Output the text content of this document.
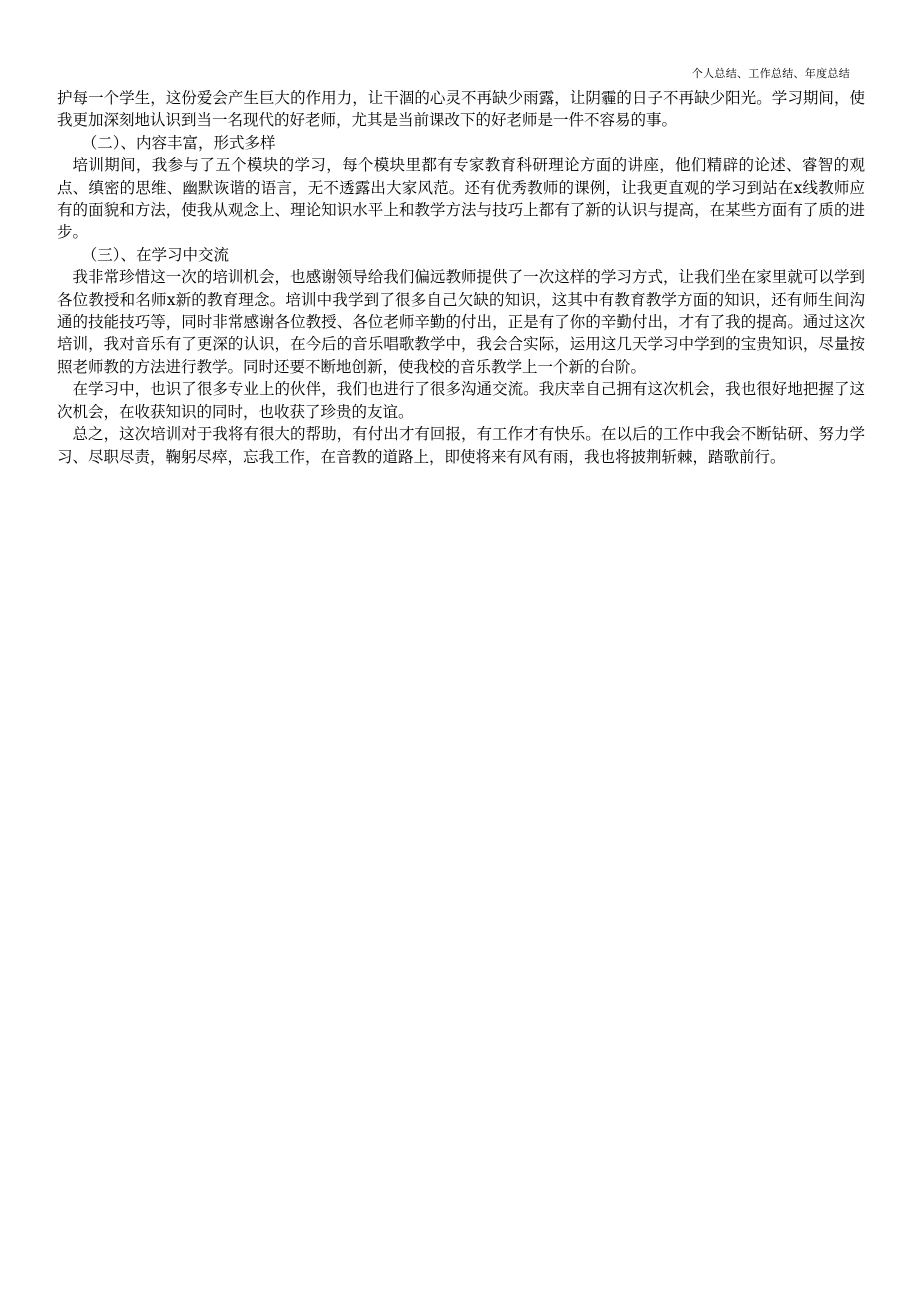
个人总结、工作总结、年度总结

护每一个学生，这份爱会产生巨大的作用力，让干涸的心灵不再缺少雨露，让阴霾的日子不再缺少阳光。学习期间，使我更加深刻地认识到当一名现代的好老师，尤其是当前课改下的好老师是一件不容易的事。

（二）、内容丰富，形式多样

培训期间，我参与了五个模块的学习，每个模块里都有专家教育科研理论方面的讲座，他们精辟的论述、睿智的观点、缜密的思维、幽默诙谐的语言，无不透露出大家风范。还有优秀教师的课例，让我更直观的学习到站在x线教师应有的面貌和方法，使我从观念上、理论知识水平上和教学方法与技巧上都有了新的认识与提高，在某些方面有了质的进步。

（三）、在学习中交流

我非常珍惜这一次的培训机会，也感谢领导给我们偏远教师提供了一次这样的学习方式，让我们坐在家里就可以学到各位教授和名师x新的教育理念。培训中我学到了很多自己欠缺的知识，这其中有教育教学方面的知识，还有师生间沟通的技能技巧等，同时非常感谢各位教授、各位老师辛勤的付出，正是有了你的辛勤付出，才有了我的提高。通过这次培训，我对音乐有了更深的认识，在今后的音乐唱歌教学中，我会合实际，运用这几天学习中学到的宝贵知识，尽量按照老师教的方法进行教学。同时还要不断地创新，使我校的音乐教学上一个新的台阶。

在学习中，也识了很多专业上的伙伴，我们也进行了很多沟通交流。我庆幸自己拥有这次机会，我也很好地把握了这次机会，在收获知识的同时，也收获了珍贵的友谊。

总之，这次培训对于我将有很大的帮助，有付出才有回报，有工作才有快乐。在以后的工作中我会不断钻研、努力学习、尽职尽责，鞠躬尽瘁，忘我工作，在音教的道路上，即使将来有风有雨，我也将披荆斩棘，踏歌前行。
